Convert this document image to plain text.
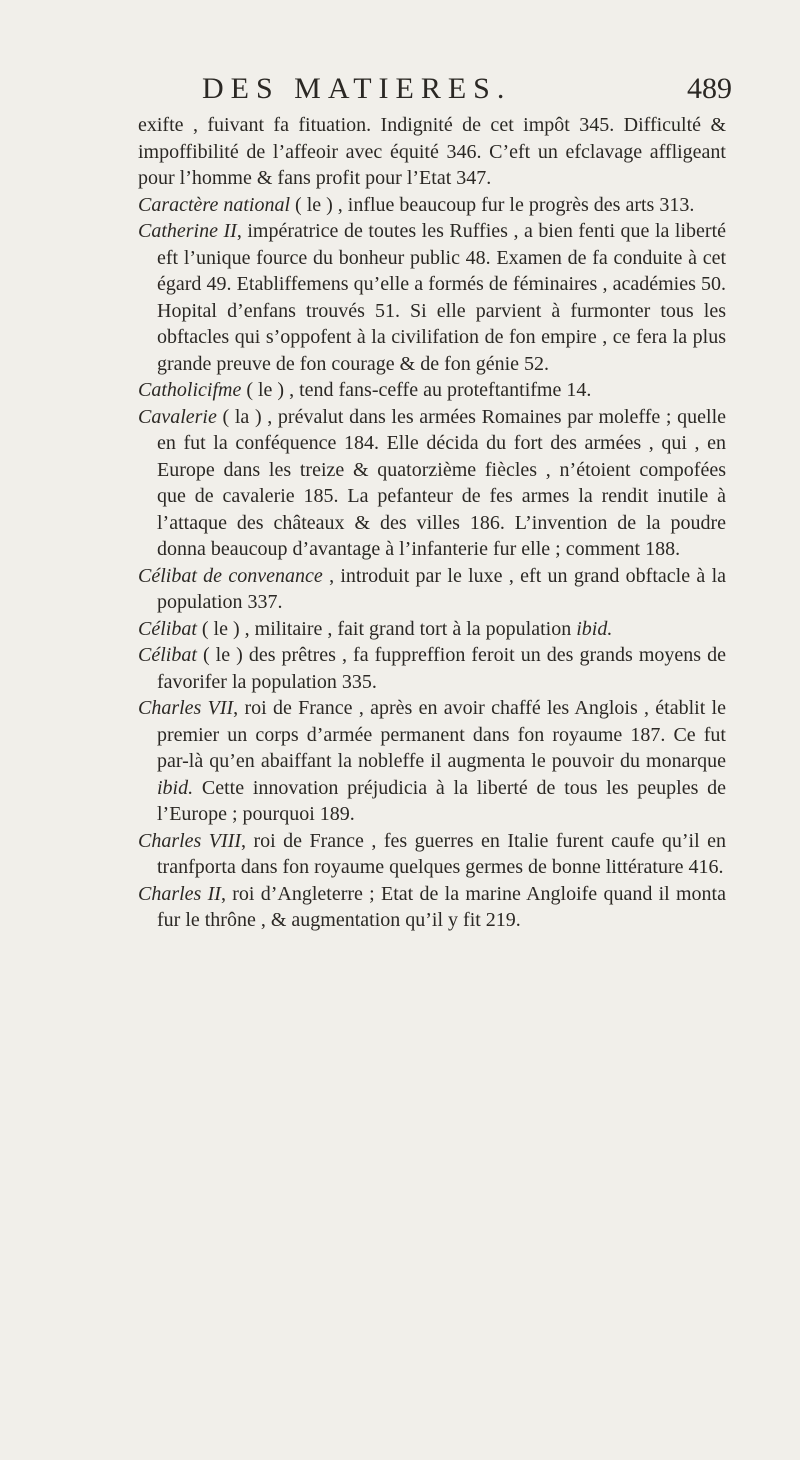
DES MATIERES.	489

exifte , fuivant fa fituation. Indignité de cet impôt 345. Difficulté & impoffibilité de l’affeoir avec équité 346. C’eft un efclavage affligeant pour l’homme & fans profit pour l’Etat 347.

Caractère national ( le ) , influe beaucoup fur le progrès des arts 313.

Catherine II, impératrice de toutes les Ruffies , a bien fenti que la liberté eft l’unique fource du bonheur public 48. Examen de fa conduite à cet égard 49. Etabliffemens qu’elle a formés de féminaires , académies 50. Hopital d’enfans trouvés 51. Si elle parvient à furmonter tous les obftacles qui s’oppofent à la civilifation de fon empire , ce fera la plus grande preuve de fon courage & de fon génie 52.

Catholicifme ( le ) , tend fans-ceffe au proteftantifme 14.

Cavalerie ( la ) , prévalut dans les armées Romaines par moleffe ; quelle en fut la conféquence 184. Elle décida du fort des armées , qui , en Europe dans les treize & quatorzième fiècles , n’étoient compofées que de cavalerie 185. La pefanteur de fes armes la rendit inutile à l’attaque des châteaux & des villes 186. L’invention de la poudre donna beaucoup d’avantage à l’infanterie fur elle ; comment 188.

Célibat de convenance , introduit par le luxe , eft un grand obftacle à la population 337.

Célibat ( le ) , militaire , fait grand tort à la population ibid.

Célibat ( le ) des prêtres , fa fuppreffion feroit un des grands moyens de favorifer la population 335.

Charles VII, roi de France , après en avoir chaffé les Anglois , établit le premier un corps d’armée permanent dans fon royaume 187. Ce fut par-là qu’en abaiffant la nobleffe il augmenta le pouvoir du monarque ibid. Cette innovation préjudicia à la liberté de tous les peuples de l’Europe ; pourquoi 189.

Charles VIII, roi de France , fes guerres en Italie furent caufe qu’il en tranfporta dans fon royaume quelques germes de bonne littérature 416.

Charles II, roi d’Angleterre ; Etat de la marine Angloife quand il monta fur le thrône , & augmentation qu’il y fit 219.
